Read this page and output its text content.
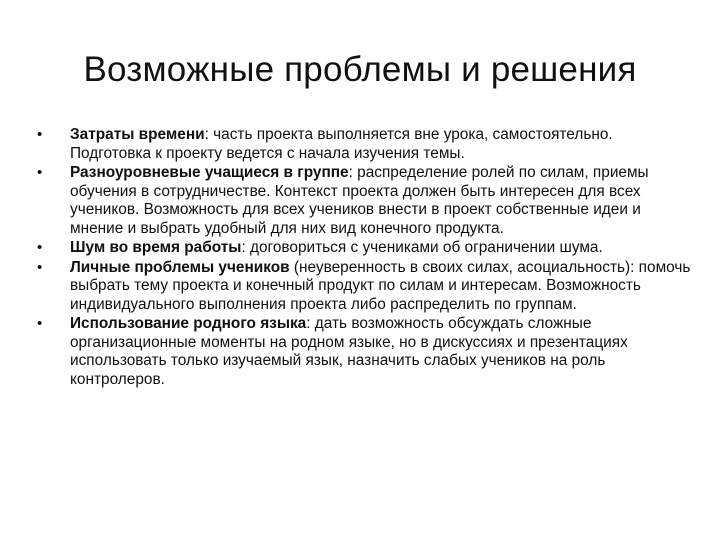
Возможные проблемы и решения
• Затраты времени: часть проекта выполняется вне урока, самостоятельно. Подготовка к проекту ведется с начала изучения темы.
• Разноуровневые учащиеся в группе: распределение ролей по силам, приемы обучения в сотрудничестве. Контекст проекта должен быть интересен для всех учеников. Возможность для всех учеников внести в проект собственные идеи и мнение и выбрать удобный для них вид конечного продукта.
• Шум во время работы: договориться с учениками об ограничении шума.
• Личные проблемы учеников (неуверенность в своих силах, асоциальность): помочь выбрать тему проекта и конечный продукт по силам и интересам. Возможность индивидуального выполнения проекта либо распределить по группам.
• Использование родного языка: дать возможность обсуждать сложные организационные моменты на родном языке, но в дискуссиях и презентациях использовать только изучаемый язык, назначить слабых учеников на роль контролеров.
